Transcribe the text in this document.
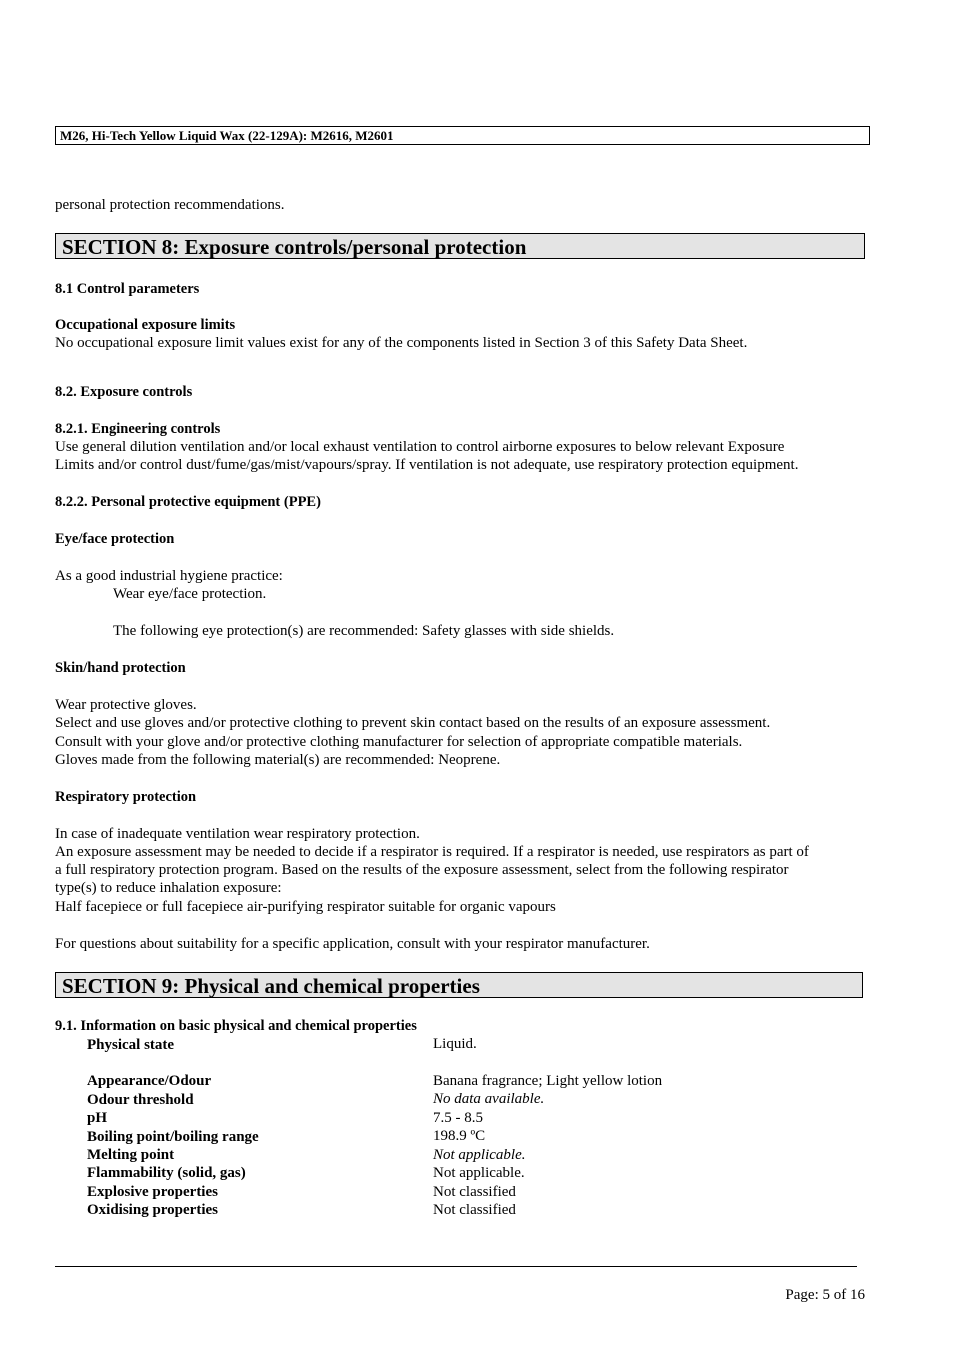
M26, Hi-Tech Yellow Liquid Wax (22-129A): M2616, M2601
personal protection recommendations.
SECTION 8: Exposure controls/personal protection
8.1 Control parameters
Occupational exposure limits
No occupational exposure limit values exist for any of the components listed in Section 3 of this Safety Data Sheet.
8.2. Exposure controls
8.2.1. Engineering controls
Use general dilution ventilation and/or local exhaust ventilation to control airborne exposures to below relevant Exposure
Limits and/or control dust/fume/gas/mist/vapours/spray. If ventilation is not adequate, use respiratory protection equipment.
8.2.2. Personal protective equipment (PPE)
Eye/face protection
As a good industrial hygiene practice:
Wear eye/face protection.
The following eye protection(s) are recommended: Safety glasses with side shields.
Skin/hand protection
Wear protective gloves.
Select and use gloves and/or protective clothing to prevent skin contact based on the results of an exposure assessment.
Consult with your glove and/or protective clothing manufacturer for selection of appropriate compatible materials.
Gloves made from the following material(s) are recommended: Neoprene.
Respiratory protection
In case of inadequate ventilation wear respiratory protection.
An exposure assessment may be needed to decide if a respirator is required. If a respirator is needed, use respirators as part of
a full respiratory protection program. Based on the results of the exposure assessment, select from the following respirator
type(s) to reduce inhalation exposure:
Half facepiece or full facepiece air-purifying respirator suitable for organic vapours
For questions about suitability for a specific application, consult with your respirator manufacturer.
SECTION 9: Physical and chemical properties
9.1. Information on basic physical and chemical properties
Physical state	Liquid.
Appearance/Odour	Banana fragrance; Light yellow lotion
Odour threshold	No data available.
pH	7.5 - 8.5
Boiling point/boiling range	198.9 ºC
Melting point	Not applicable.
Flammability (solid, gas)	Not applicable.
Explosive properties	Not classified
Oxidising properties	Not classified
Page: 5 of 16
